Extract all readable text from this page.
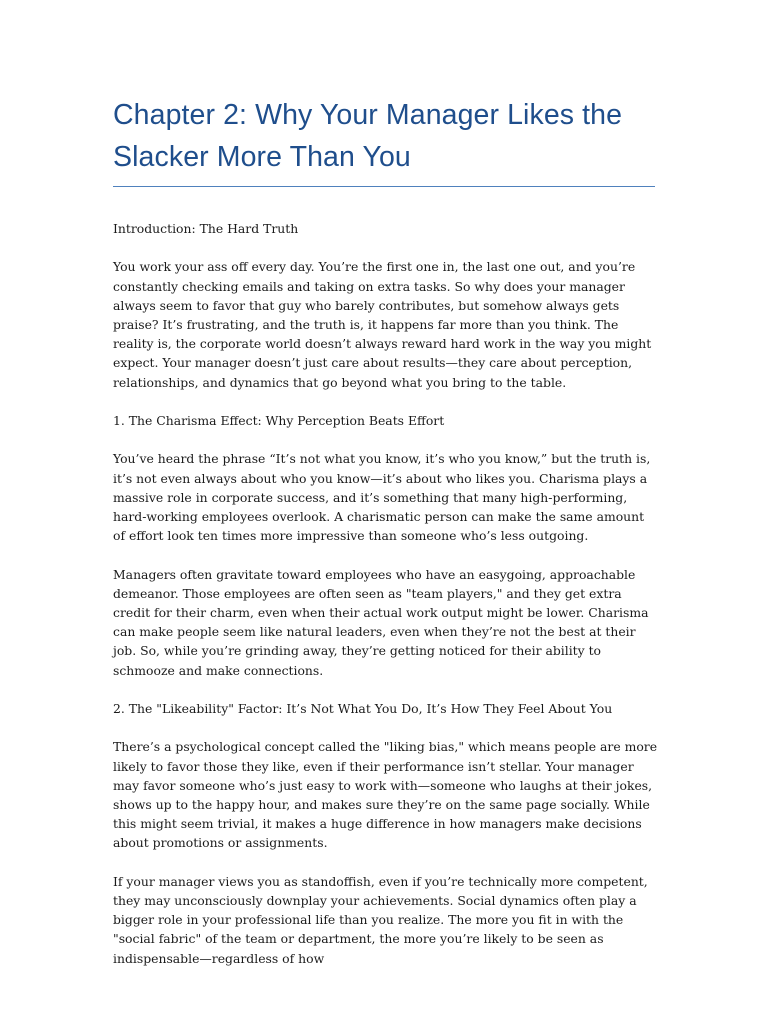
Chapter 2: Why Your Manager Likes the Slacker More Than You

Introduction: The Hard Truth

You work your ass off every day. You’re the first one in, the last one out, and you’re constantly checking emails and taking on extra tasks. So why does your manager always seem to favor that guy who barely contributes, but somehow always gets praise? It’s frustrating, and the truth is, it happens far more than you think. The reality is, the corporate world doesn’t always reward hard work in the way you might expect. Your manager doesn’t just care about results—they care about perception, relationships, and dynamics that go beyond what you bring to the table.

1. The Charisma Effect: Why Perception Beats Effort

You’ve heard the phrase “It’s not what you know, it’s who you know,” but the truth is, it’s not even always about who you know—it’s about who likes you. Charisma plays a massive role in corporate success, and it’s something that many high-performing, hard-working employees overlook. A charismatic person can make the same amount of effort look ten times more impressive than someone who’s less outgoing.

Managers often gravitate toward employees who have an easygoing, approachable demeanor. Those employees are often seen as "team players," and they get extra credit for their charm, even when their actual work output might be lower. Charisma can make people seem like natural leaders, even when they’re not the best at their job. So, while you’re grinding away, they’re getting noticed for their ability to schmooze and make connections.

2. The "Likeability" Factor: It’s Not What You Do, It’s How They Feel About You

There’s a psychological concept called the "liking bias," which means people are more likely to favor those they like, even if their performance isn’t stellar. Your manager may favor someone who’s just easy to work with—someone who laughs at their jokes, shows up to the happy hour, and makes sure they’re on the same page socially. While this might seem trivial, it makes a huge difference in how managers make decisions about promotions or assignments.

If your manager views you as standoffish, even if you’re technically more competent, they may unconsciously downplay your achievements. Social dynamics often play a bigger role in your professional life than you realize. The more you fit in with the "social fabric" of the team or department, the more you’re likely to be seen as indispensable—regardless of how
